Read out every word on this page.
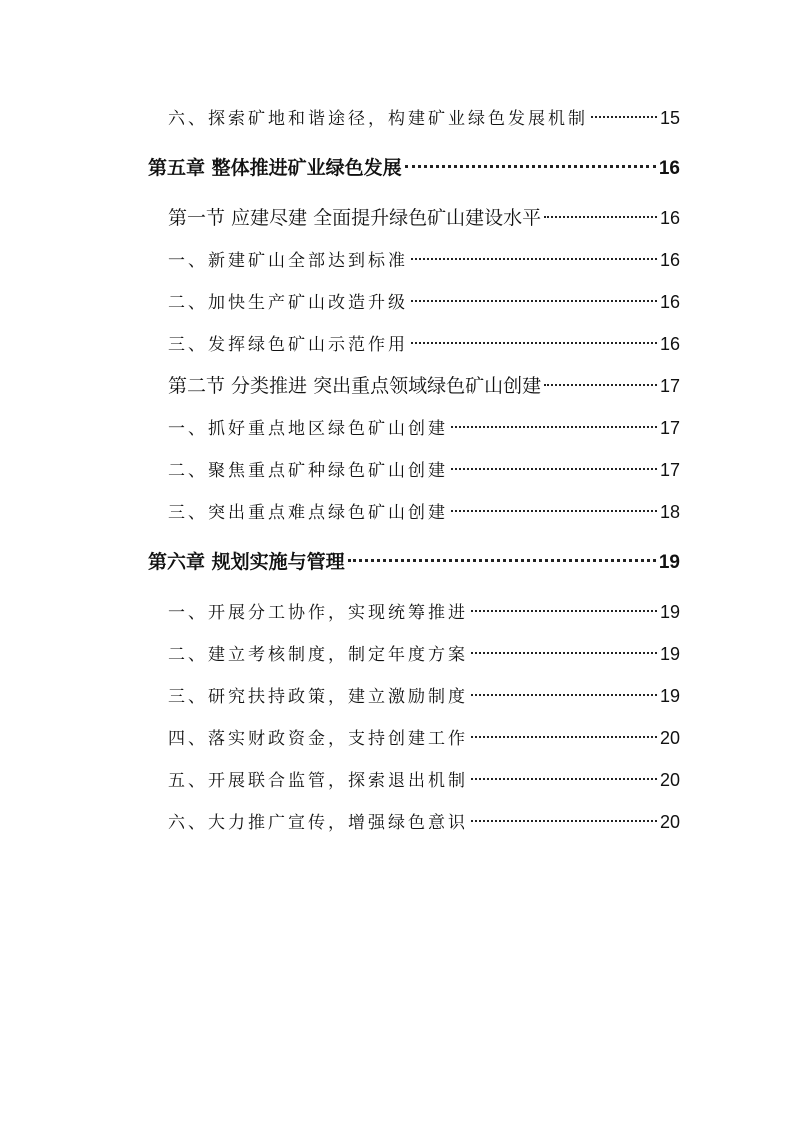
六、探索矿地和谐途径，构建矿业绿色发展机制	15
第五章 整体推进矿业绿色发展	16
第一节 应建尽建 全面提升绿色矿山建设水平	16
一、新建矿山全部达到标准	16
二、加快生产矿山改造升级	16
三、发挥绿色矿山示范作用	16
第二节 分类推进 突出重点领域绿色矿山创建	17
一、抓好重点地区绿色矿山创建	17
二、聚焦重点矿种绿色矿山创建	17
三、突出重点难点绿色矿山创建	18
第六章 规划实施与管理	19
一、开展分工协作，实现统筹推进	19
二、建立考核制度，制定年度方案	19
三、研究扶持政策，建立激励制度	19
四、落实财政资金，支持创建工作	20
五、开展联合监管，探索退出机制	20
六、大力推广宣传，增强绿色意识	20
